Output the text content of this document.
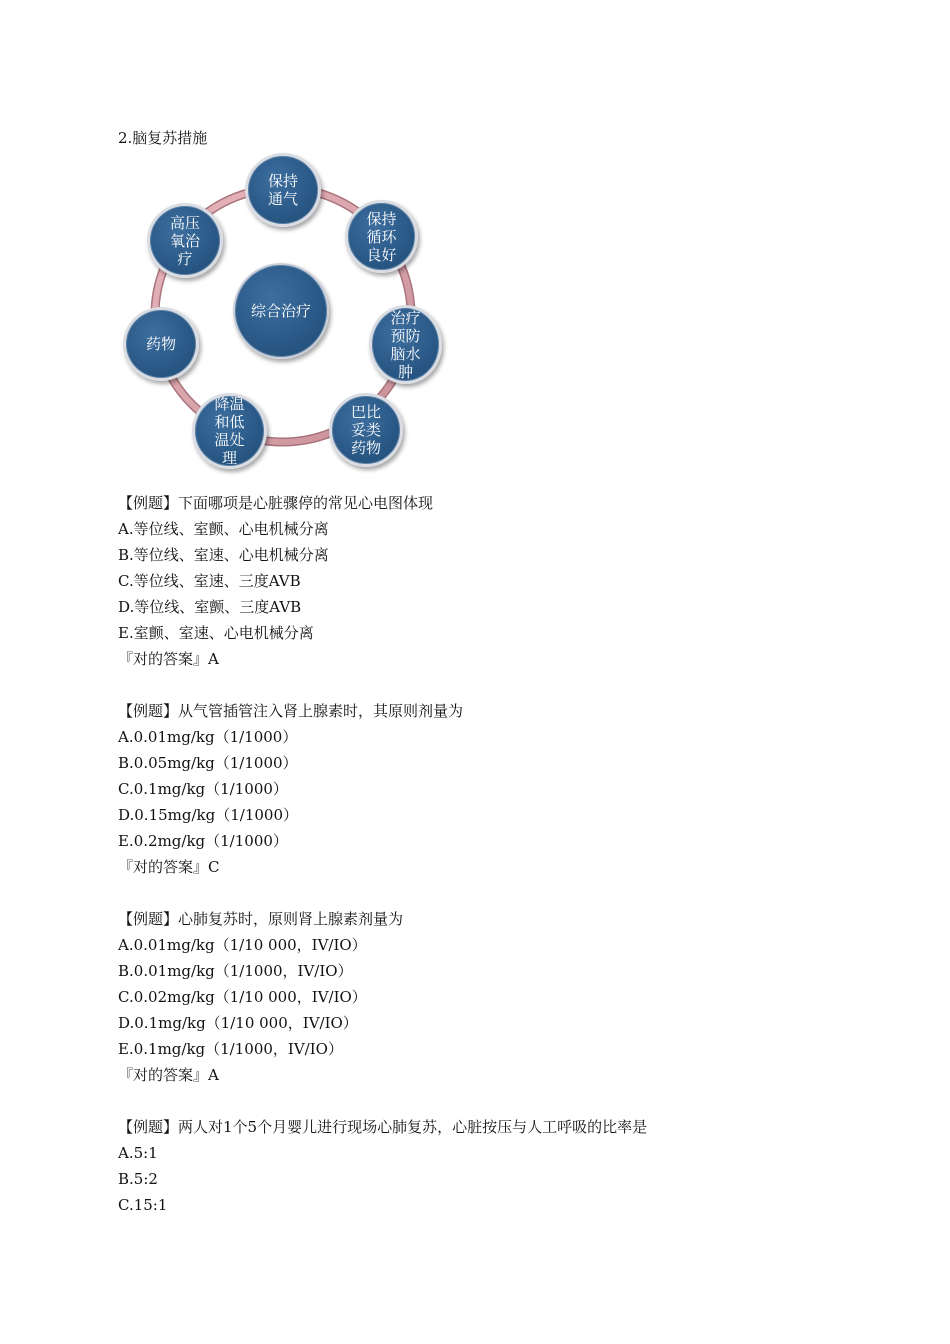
2.脑复苏措施
综合治疗
保持
通气
保持
循环
良好
治疗
预防
脑水
肿
巴比
妥类
药物
降温
和低
温处
理
药物
高压
氧治
疗
【例题】下面哪项是心脏骤停的常见心电图体现
A.等位线、室颤、心电机械分离
B.等位线、室速、心电机械分离
C.等位线、室速、三度AVB
D.等位线、室颤、三度AVB
E.室颤、室速、心电机械分离
『对的答案』A
【例题】从气管插管注入肾上腺素时，其原则剂量为
A.0.01mg/kg（1/1000）
B.0.05mg/kg（1/1000）
C.0.1mg/kg（1/1000）
D.0.15mg/kg（1/1000）
E.0.2mg/kg（1/1000）
『对的答案』C
【例题】心肺复苏时，原则肾上腺素剂量为
A.0.01mg/kg（1/10 000，IV/IO）
B.0.01mg/kg（1/1000，IV/IO）
C.0.02mg/kg（1/10 000，IV/IO）
D.0.1mg/kg（1/10 000，IV/IO）
E.0.1mg/kg（1/1000，IV/IO）
『对的答案』A
【例题】两人对1个5个月婴儿进行现场心肺复苏，心脏按压与人工呼吸的比率是
A.5:1
B.5:2
C.15:1
